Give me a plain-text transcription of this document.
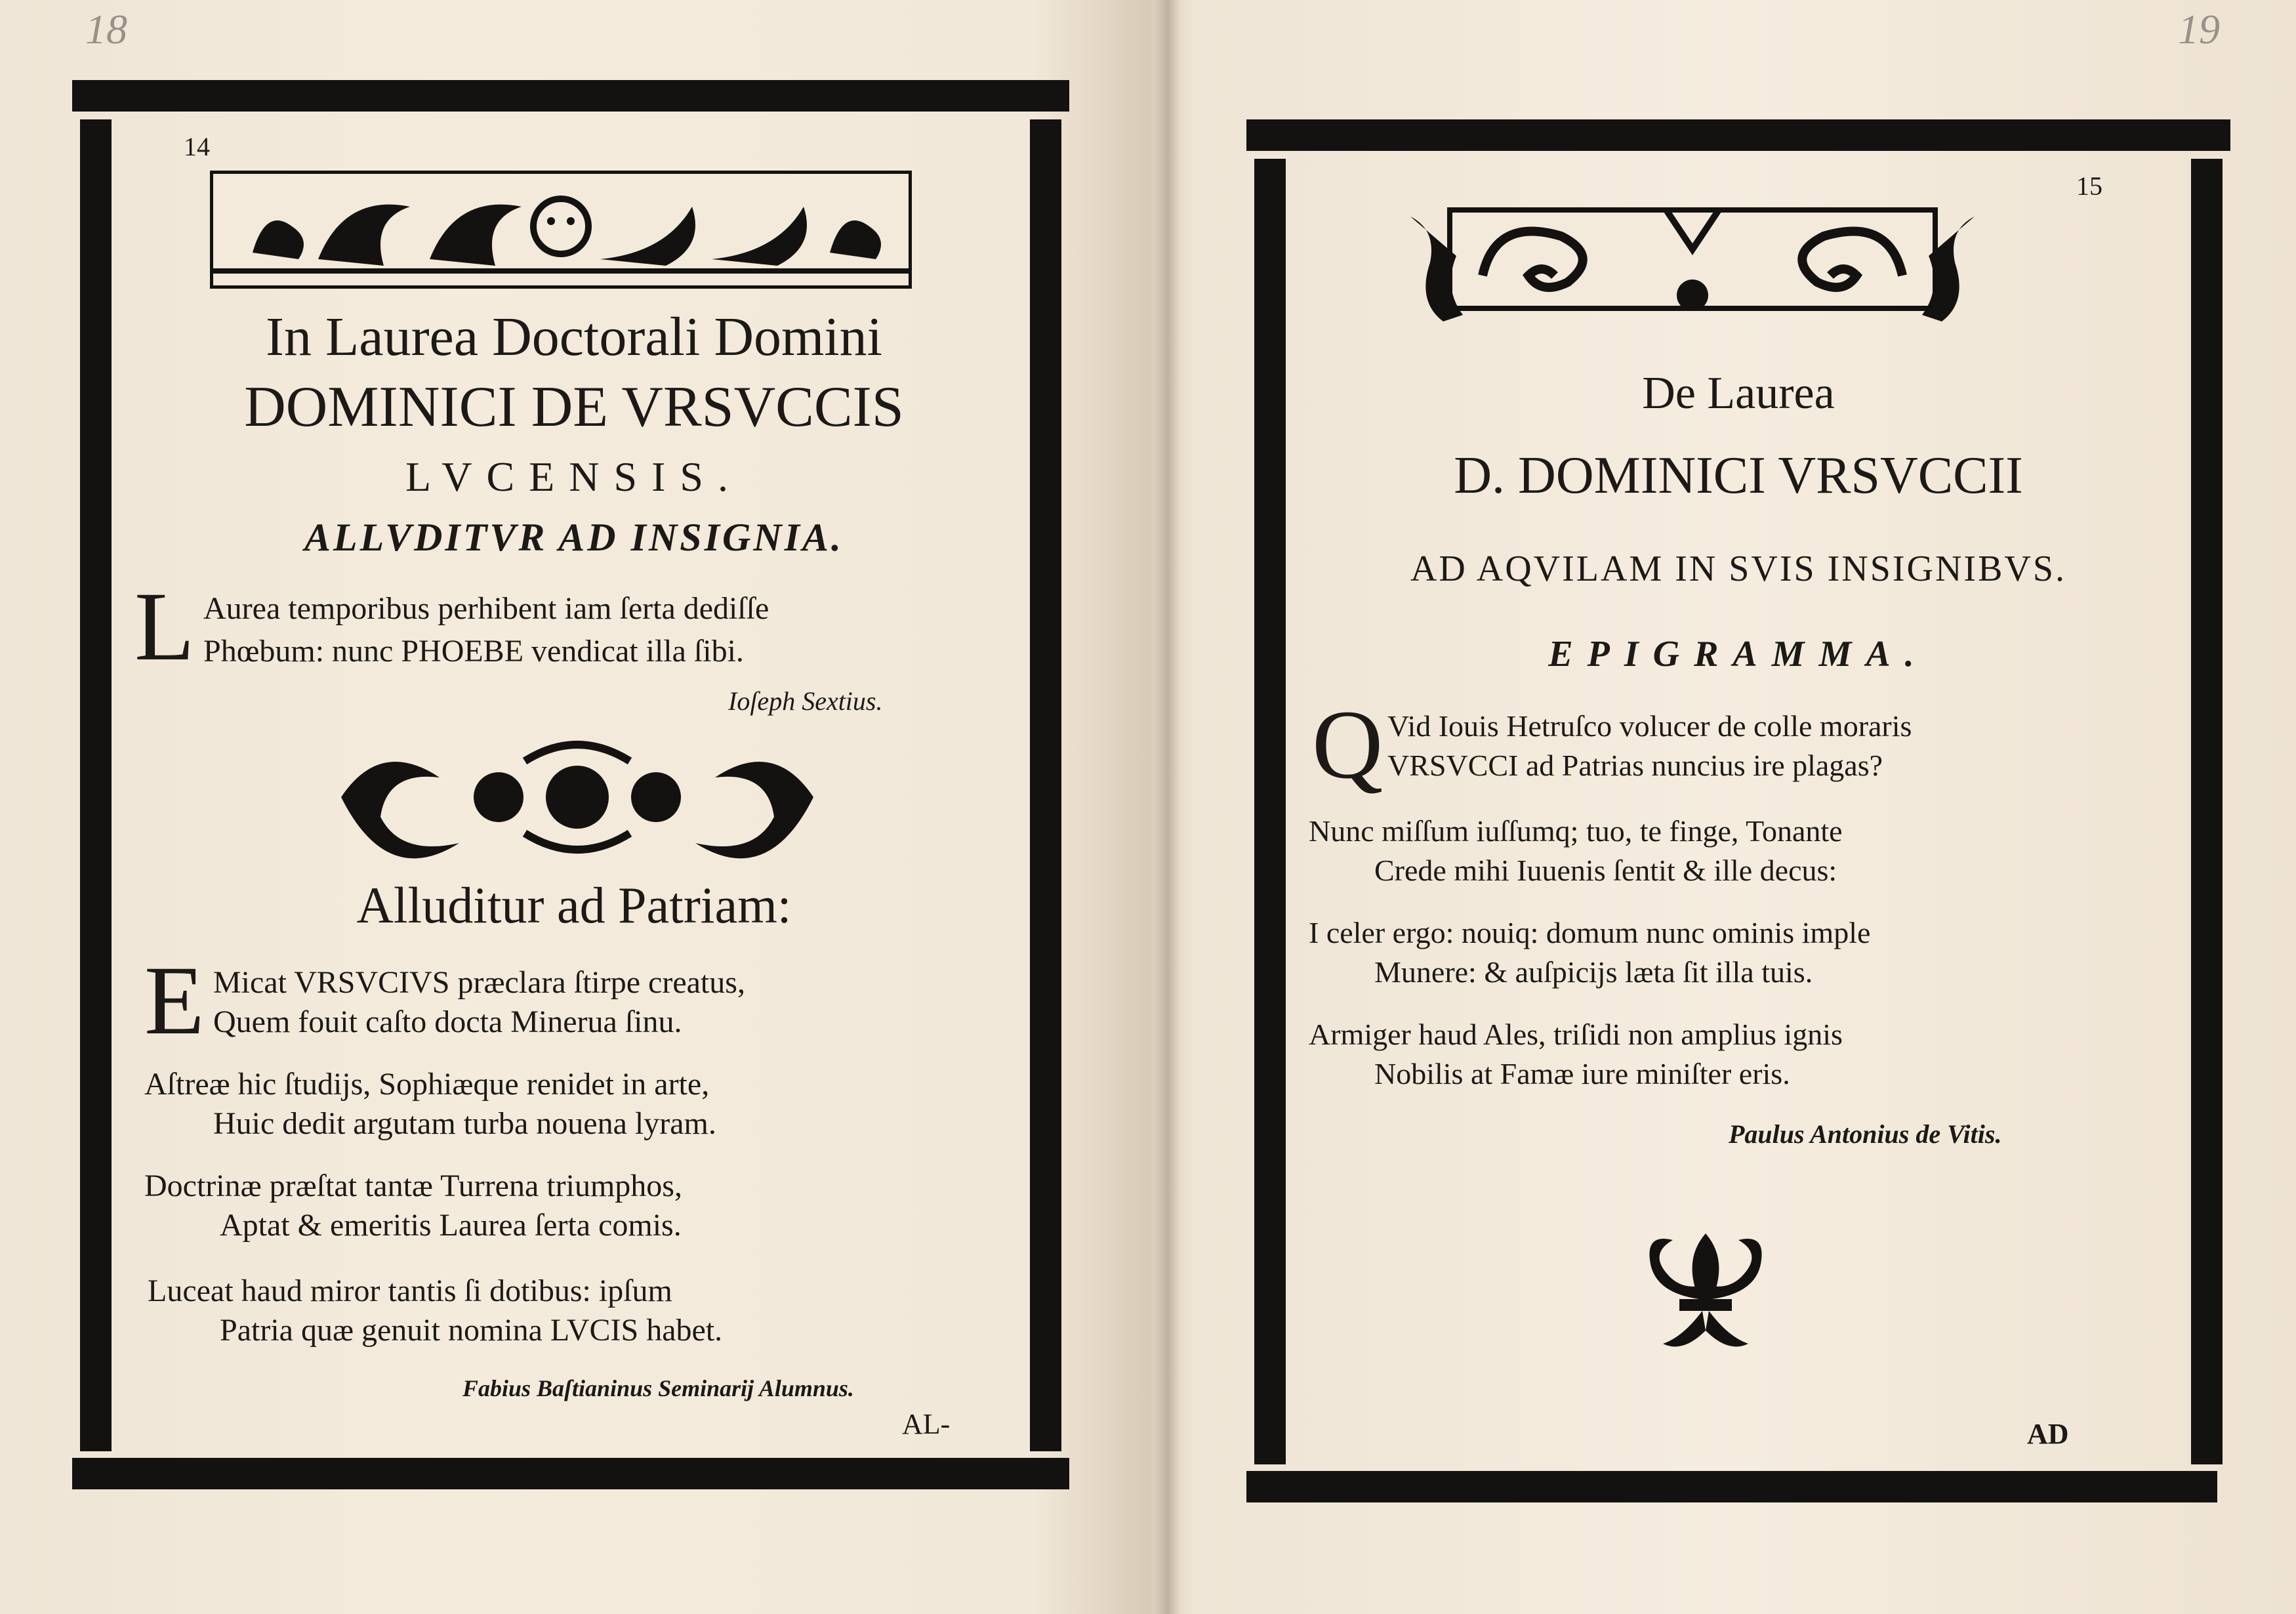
18	19
14
In Laurea Doctorali Domini
DOMINICI DE VRSVCCIS
LVCENSIS.
ALLVDITVR AD INSIGNIA.
L Aurea temporibus perhibent iam ſerta dediſſe
Phœbum: nunc PHOEBE vendicat illa ſibi.
Ioſeph Sextius.
Alluditur ad Patriam:
E Micat VRSVCIVS præclara ſtirpe creatus,
Quem fouit caſto docta Minerua ſinu.
Aſtreæ hic ſtudijs, Sophiæque renidet in arte,
Huic dedit argutam turba nouena lyram.
Doctrinæ præſtat tantæ Turrena triumphos,
Aptat & emeritis Laurea ſerta comis.
Luceat haud miror tantis ſi dotibus: ipſum
Patria quæ genuit nomina LVCIS habet.
Fabius Baſtianinus Seminarij Alumnus.
AL-
15
De Laurea
D. DOMINICI VRSVCCII
AD AQVILAM IN SVIS INSIGNIBVS.
EPIGRAMMA.
Q Vid Iouis Hetruſco volucer de colle moraris
VRSVCCI ad Patrias nuncius ire plagas?
Nunc miſſum iuſſumq; tuo, te finge, Tonante
Crede mihi Iuuenis ſentit & ille decus:
I celer ergo: nouiq: domum nunc ominis imple
Munere: & auſpicijs læta ſit illa tuis.
Armiger haud Ales, triſidi non amplius ignis
Nobilis at Famæ iure miniſter eris.
Paulus Antonius de Vitis.
AD
